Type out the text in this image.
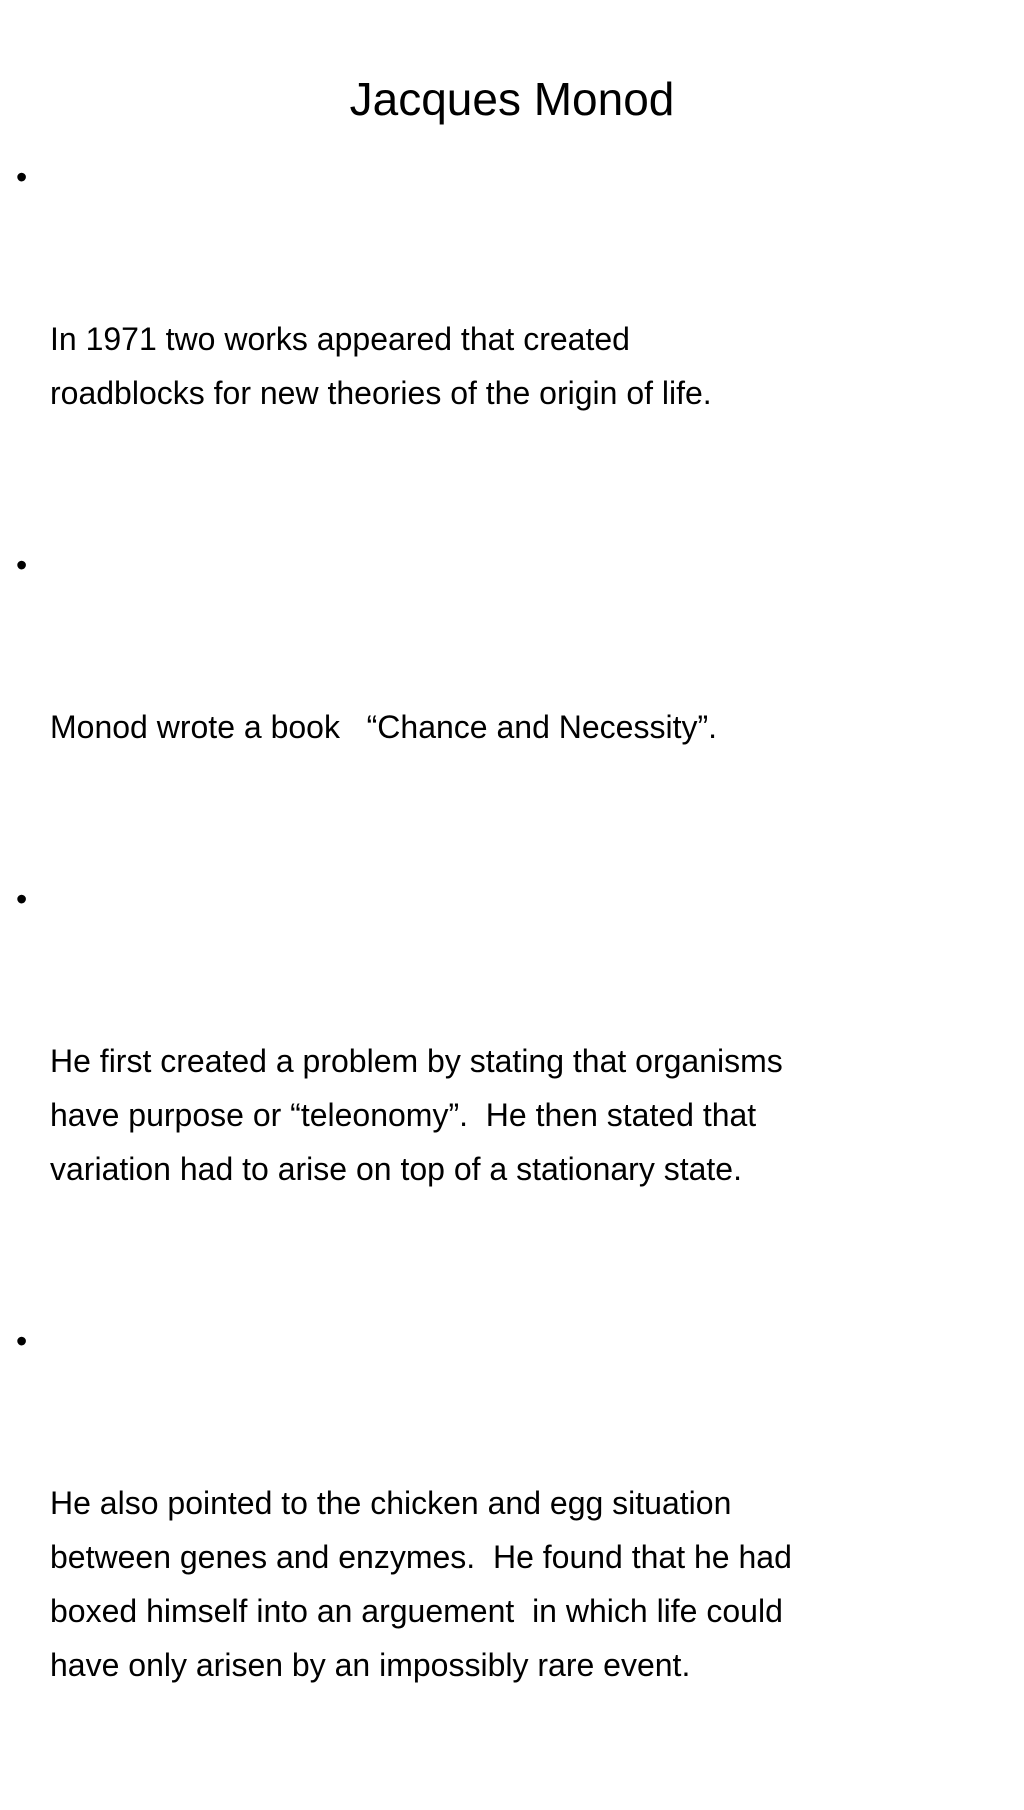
Jacques Monod

•

In 1971 two works appeared that created
roadblocks for new theories of the origin of life.

•

Monod wrote a book   “Chance and Necessity”.

•

He first created a problem by stating that organisms
have purpose or “teleonomy”.  He then stated that
variation had to arise on top of a stationary state.

•

He also pointed to the chicken and egg situation
between genes and enzymes.  He found that he had
boxed himself into an arguement  in which life could
have only arisen by an impossibly rare event.
